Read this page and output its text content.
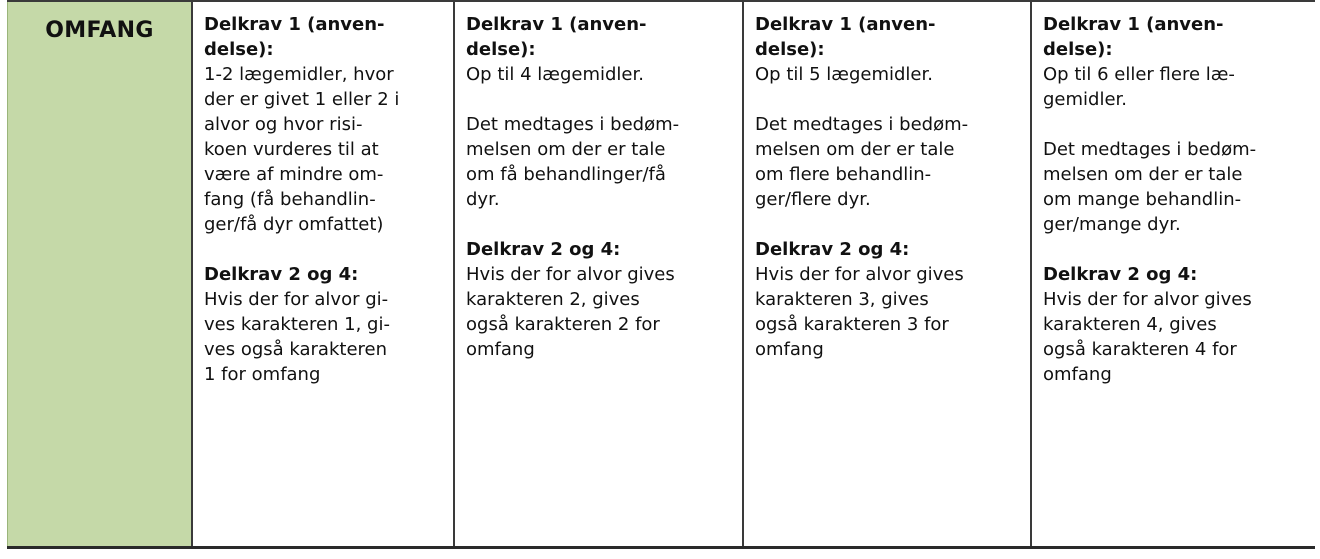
OMFANG	Delkrav 1 (anven-

delse):

1-2 lægemidler, hvor

der er givet 1 eller 2 i

alvor og hvor risi-

koen vurderes til at

være af mindre om-

fang (få behandlin-

ger/få dyr omfattet)

Delkrav 2 og 4:

Hvis der for alvor gi-

ves karakteren 1, gi-

ves også karakteren

1 for omfang

Delkrav 1 (anven-

delse):

Op til 4 lægemidler.

Det medtages i bedøm-

melsen om der er tale

om få behandlinger/få

dyr.

Delkrav 2 og 4:

Hvis der for alvor gives

karakteren 2, gives

også karakteren 2 for

omfang

Delkrav 1 (anven-

delse):

Op til 5 lægemidler.

Det medtages i bedøm-

melsen om der er tale

om flere behandlin-

ger/flere dyr.

Delkrav 2 og 4:

Hvis der for alvor gives

karakteren 3, gives

også karakteren 3 for

omfang

Delkrav 1 (anven-

delse):

Op til 6 eller flere læ-

gemidler.

Det medtages i bedøm-

melsen om der er tale

om mange behandlin-

ger/mange dyr.

Delkrav 2 og 4:

Hvis der for alvor gives

karakteren 4, gives

også karakteren 4 for

omfang
